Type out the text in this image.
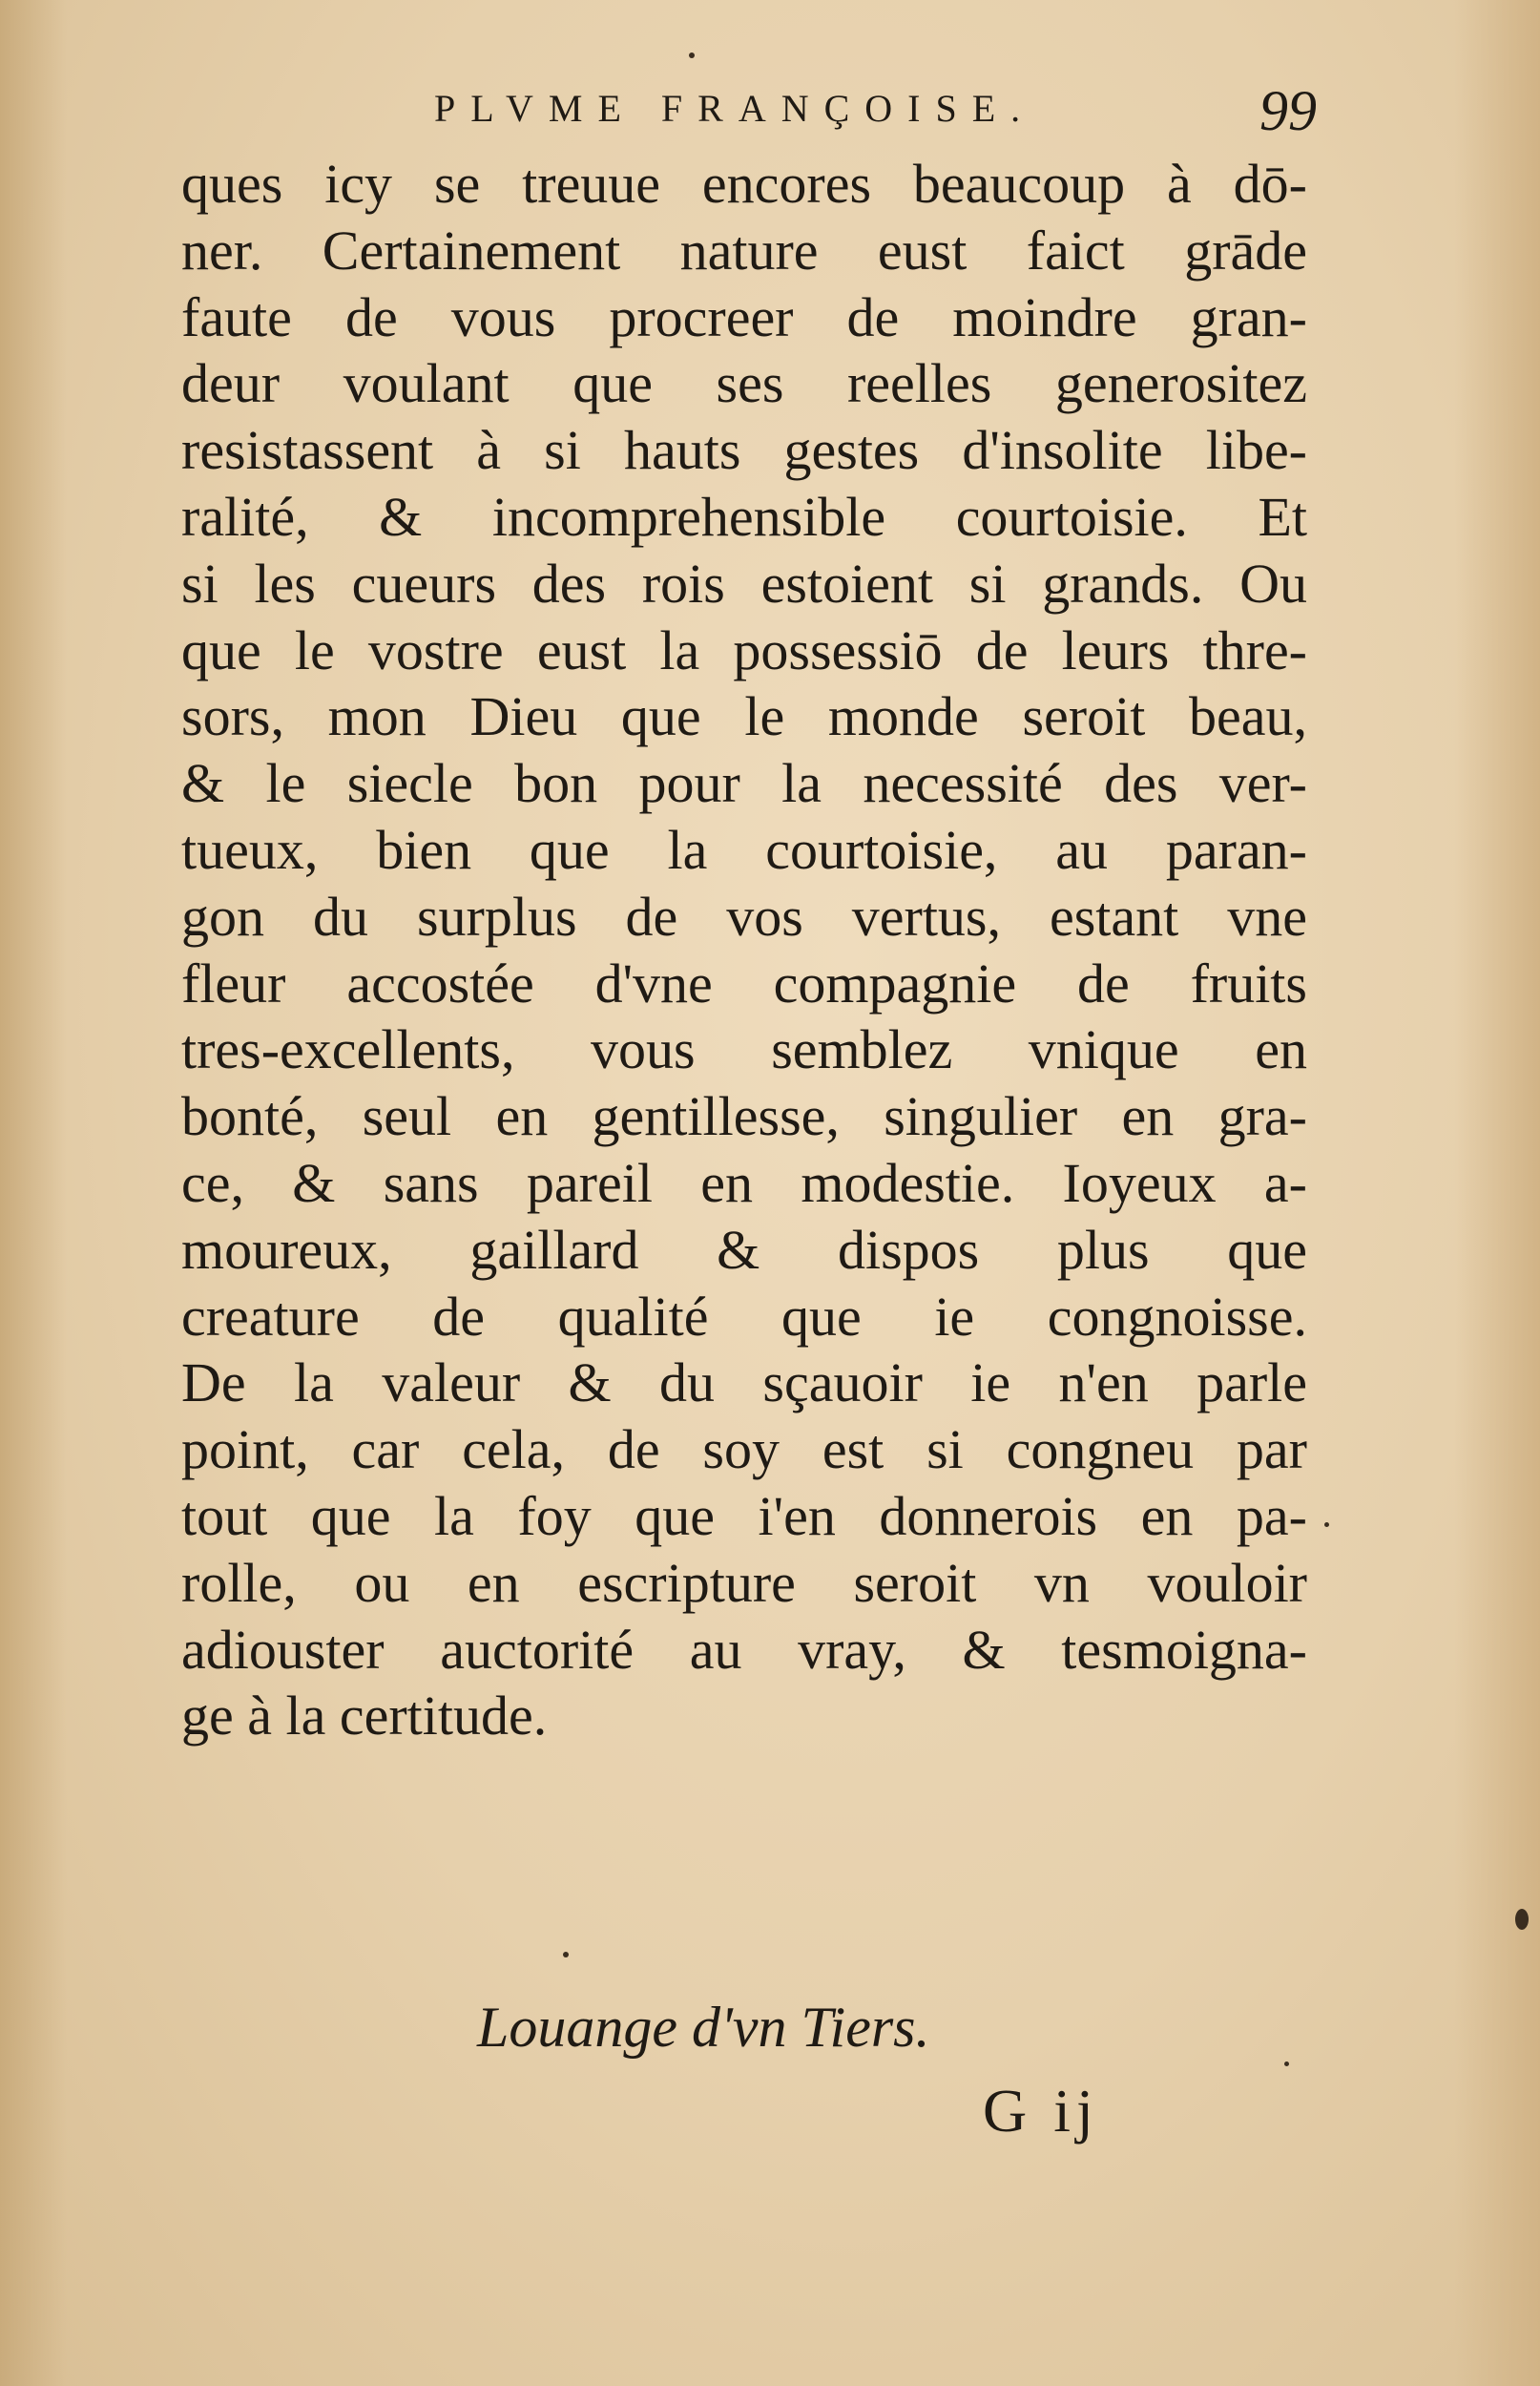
PLVME FRANÇOISE.	99
ques icy se treuue encores beaucoup à dō-
ner. Certainement nature eust faict grāde
faute de vous procreer de moindre gran-
deur voulant que ses reelles generositez
resistassent à si hauts gestes d'insolite libe-
ralité, & incomprehensible courtoisie. Et
si les cueurs des rois estoient si grands. Ou
que le vostre eust la possessiō de leurs thre-
sors, mon Dieu que le monde seroit beau,
& le siecle bon pour la necessité des ver-
tueux, bien que la courtoisie, au paran-
gon du surplus de vos vertus, estant vne
fleur accostée d'vne compagnie de fruits
tres-excellents, vous semblez vnique en
bonté, seul en gentillesse, singulier en gra-
ce, & sans pareil en modestie. Ioyeux a-
moureux, gaillard & dispos plus que
creature de qualité que ie congnoisse.
De la valeur & du sçauoir ie n'en parle
point, car cela, de soy est si congneu par
tout que la foy que i'en donnerois en pa-
rolle, ou en escripture seroit vn vouloir
adiouster auctorité au vray, & tesmoigna-
ge à la certitude.
Louange d'vn Tiers.
G ij
